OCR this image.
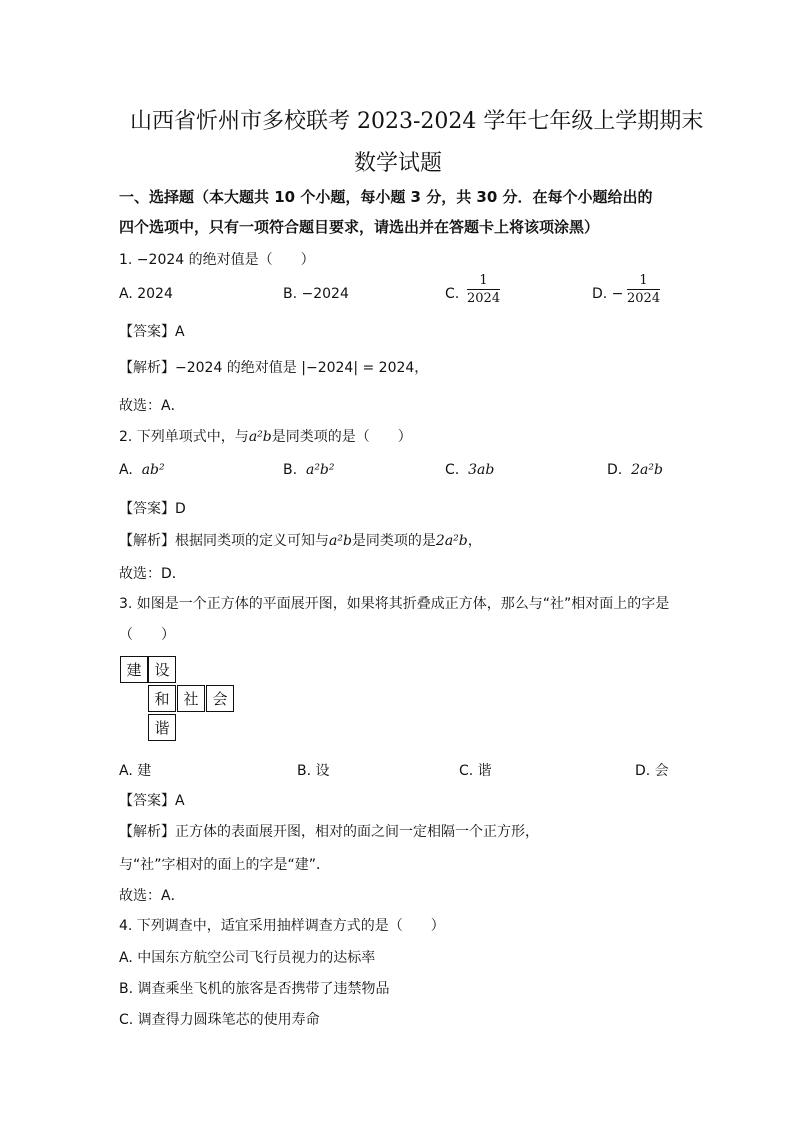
山西省忻州市多校联考 2023-2024 学年七年级上学期期末
数学试题
一、选择题（本大题共 10 个小题，每小题 3 分，共 30 分．在每个小题给出的
四个选项中，只有一项符合题目要求，请选出并在答题卡上将该项涂黑）
1. −2024 的绝对值是（　　）
A. 2024	B. −2024	C.
1
2024	D. −
1
2024
【答案】A
【解析】−2024 的绝对值是 |−2024| = 2024，
故选：A．
2. 下列单项式中，与a²b是同类项的是（　　）
A. ab²	B. a²b²	C. 3ab	D. 2a²b
【答案】D
【解析】根据同类项的定义可知与a²b是同类项的是2a²b，
故选：D．
3. 如图是一个正方体的平面展开图，如果将其折叠成正方体，那么与“社”相对面上的字是
（　　）
建 设
和 社 会
谐
A. 建	B. 设	C. 谐	D. 会
【答案】A
【解析】正方体的表面展开图，相对的面之间一定相隔一个正方形，
与“社”字相对的面上的字是“建”．
故选：A．
4. 下列调查中，适宜采用抽样调查方式的是（　　）
A. 中国东方航空公司飞行员视力的达标率
B. 调查乘坐飞机的旅客是否携带了违禁物品
C. 调查得力圆珠笔芯的使用寿命
